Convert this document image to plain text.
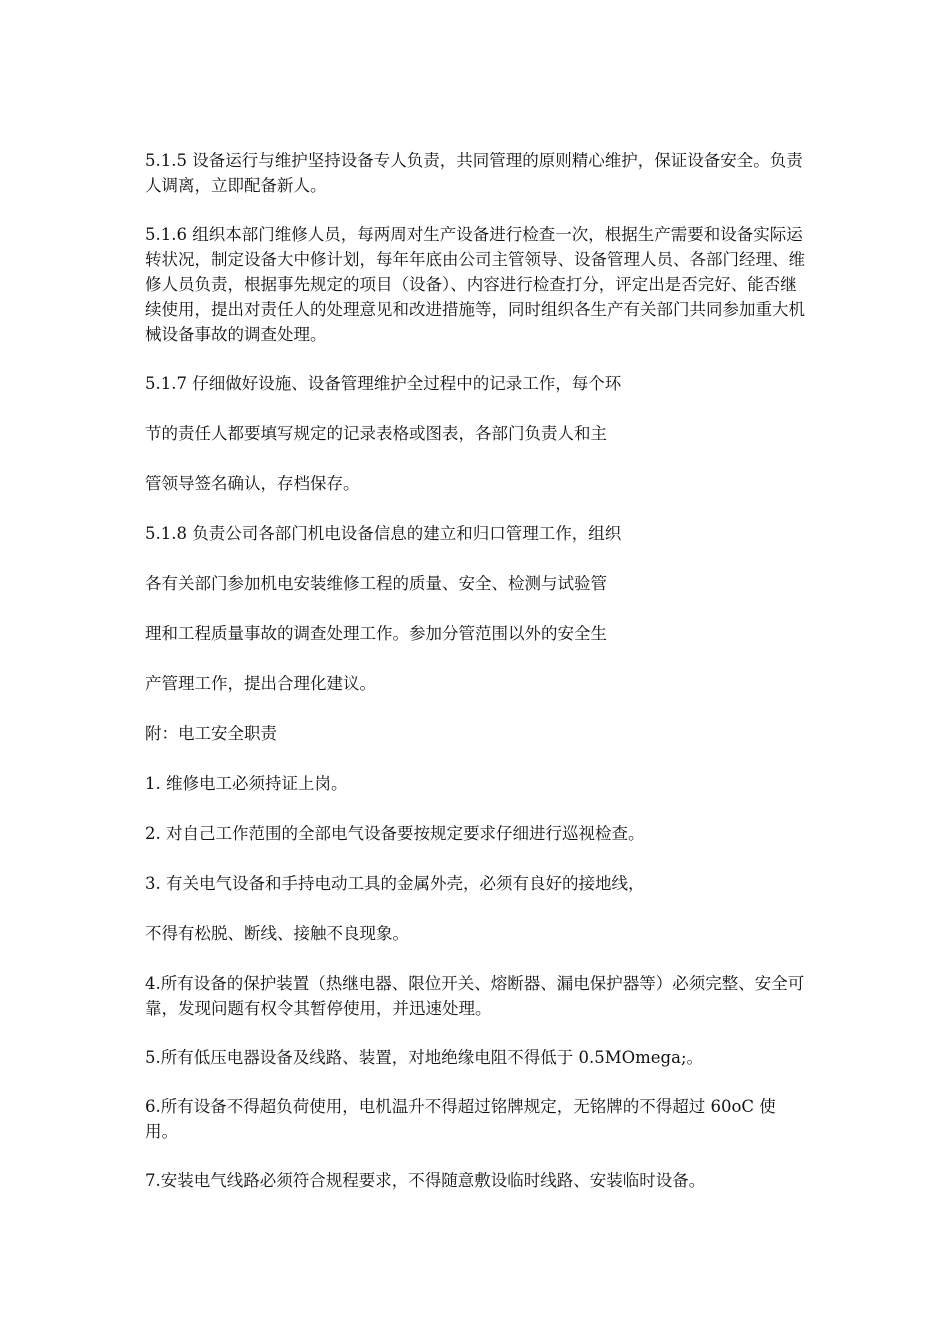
5.1.5 设备运行与维护坚持设备专人负责，共同管理的原则精心维护，保证设备安全。负责人调离，立即配备新人。

5.1.6 组织本部门维修人员，每两周对生产设备进行检查一次，根据生产需要和设备实际运转状况，制定设备大中修计划，每年年底由公司主管领导、设备管理人员、各部门经理、维修人员负责，根据事先规定的项目（设备）、内容进行检查打分，评定出是否完好、能否继续使用，提出对责任人的处理意见和改进措施等，同时组织各生产有关部门共同参加重大机械设备事故的调查处理。

5.1.7 仔细做好设施、设备管理维护全过程中的记录工作，每个环

节的责任人都要填写规定的记录表格或图表，各部门负责人和主

管领导签名确认，存档保存。

5.1.8 负责公司各部门机电设备信息的建立和归口管理工作，组织

各有关部门参加机电安装维修工程的质量、安全、检测与试验管

理和工程质量事故的调查处理工作。参加分管范围以外的安全生

产管理工作，提出合理化建议。

附：电工安全职责

1. 维修电工必须持证上岗。

2. 对自己工作范围的全部电气设备要按规定要求仔细进行巡视检查。

3. 有关电气设备和手持电动工具的金属外壳，必须有良好的接地线，

不得有松脱、断线、接触不良现象。

4.所有设备的保护装置（热继电器、限位开关、熔断器、漏电保护器等）必须完整、安全可靠，发现问题有权令其暂停使用，并迅速处理。

5.所有低压电器设备及线路、装置，对地绝缘电阻不得低于 0.5MOmega;。

6.所有设备不得超负荷使用，电机温升不得超过铭牌规定，无铭牌的不得超过 60oC 使用。

7.安装电气线路必须符合规程要求，不得随意敷设临时线路、安装临时设备。
